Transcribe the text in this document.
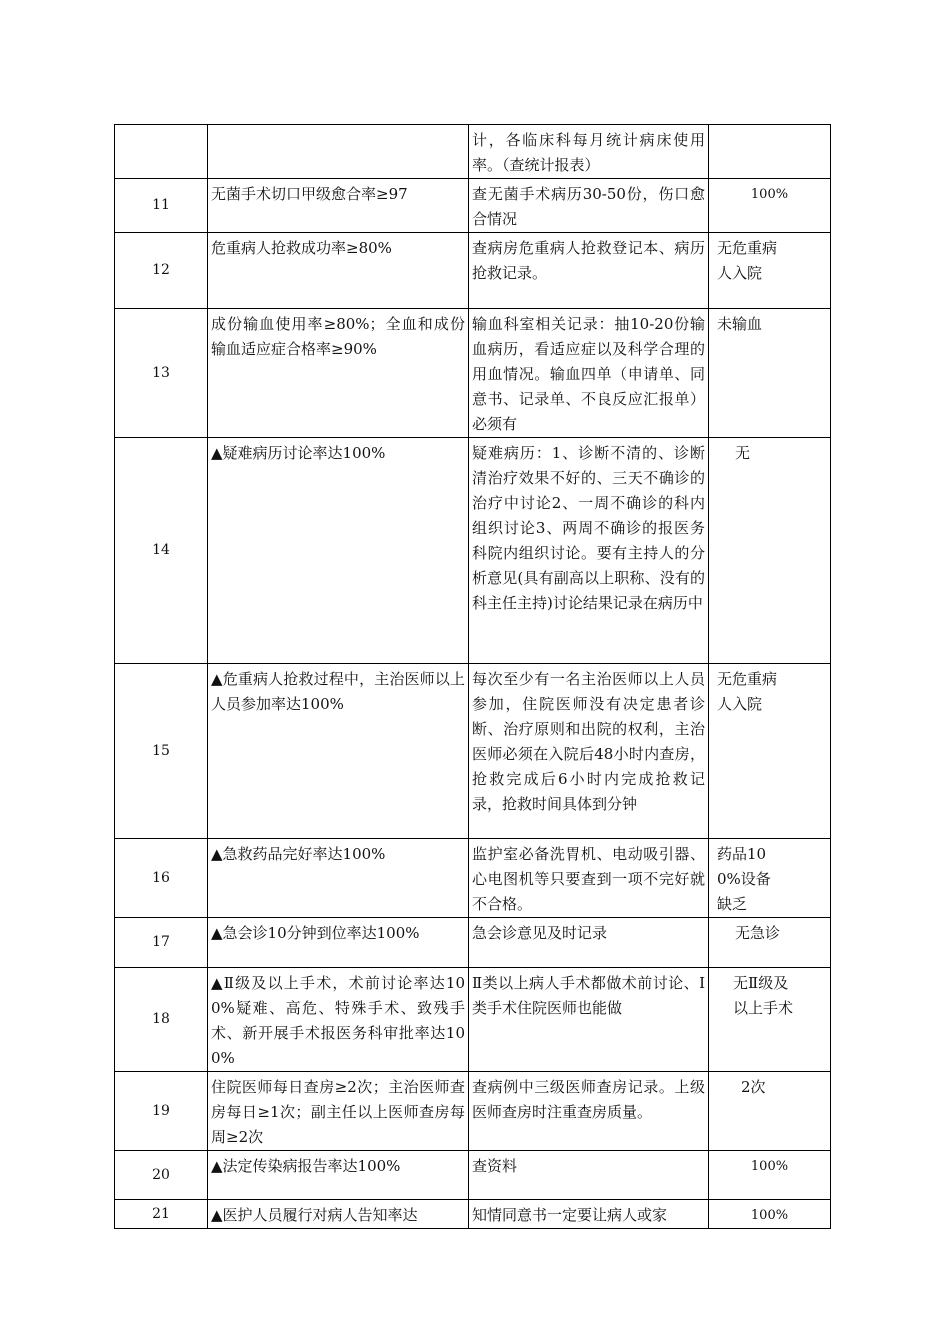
		计，各临床科每月统计病床使用率。（查统计报表）	

11	无菌手术切口甲级愈合率≥97	查无菌手术病历30-50份，伤口愈合情况	100%

12	危重病人抢救成功率≥80%	查病房危重病人抢救登记本、病历抢救记录。	无危重病人入院

13	成份输血使用率≥80%；全血和成份输血适应症合格率≥90%	输血科室相关记录：抽10-20份输血病历，看适应症以及科学合理的用血情况。输血四单（申请单、同意书、记录单、不良反应汇报单）必须有	未输血

14	▲疑难病历讨论率达100%	疑难病历：1、诊断不清的、诊断清治疗效果不好的、三天不确诊的治疗中讨论2、一周不确诊的科内组织讨论3、两周不确诊的报医务科院内组织讨论。要有主持人的分析意见(具有副高以上职称、没有的科主任主持)讨论结果记录在病历中	无

15	▲危重病人抢救过程中，主治医师以上人员参加率达100%	每次至少有一名主治医师以上人员参加，住院医师没有决定患者诊断、治疗原则和出院的权利，主治医师必须在入院后48小时内查房，抢救完成后6小时内完成抢救记录，抢救时间具体到分钟	无危重病人入院

16	▲急救药品完好率达100%	监护室必备洗胃机、电动吸引器、心电图机等只要查到一项不完好就不合格。	药品100%设备缺乏

17	▲急会诊10分钟到位率达100%	急会诊意见及时记录	无急诊

18	▲Ⅱ级及以上手术，术前讨论率达100%疑难、高危、特殊手术、致残手术、新开展手术报医务科审批率达100%	Ⅱ类以上病人手术都做术前讨论、Ⅰ类手术住院医师也能做	无Ⅱ级及以上手术

19	住院医师每日查房≥2次；主治医师查房每日≥1次；副主任以上医师查房每周≥2次	查病例中三级医师查房记录。上级医师查房时注重查房质量。	2次

20	▲法定传染病报告率达100%	查资料	100%

21	▲医护人员履行对病人告知率达	知情同意书一定要让病人或家	100%
